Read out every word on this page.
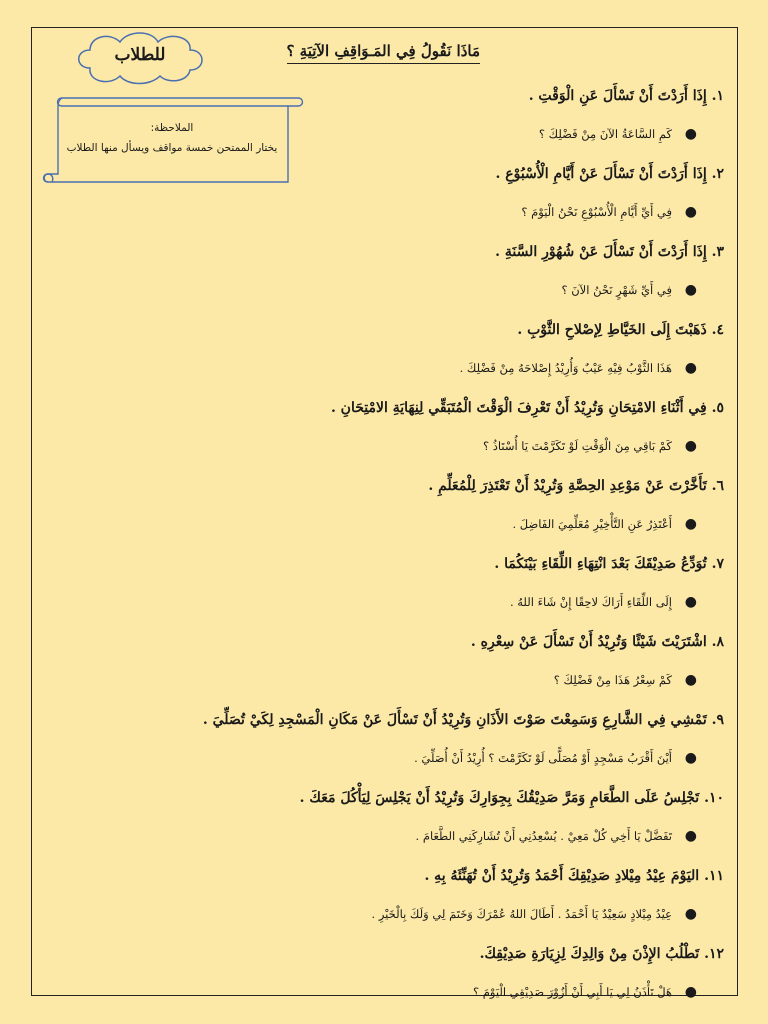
للطلاب
الملاحظة:
يختار الممتحن خمسة مواقف ويسأل منها الطلاب
مَاذَا نَقُولُ فِي المَـوَاقِفِ الآتِيَةِ ؟
١. إِذَا أَرَدْتَ أَنْ تَسْأَلَ عَنِ الْوَقْتِ .
●
كَمِ السَّاعَةُ الآنَ مِنْ فَضْلِكَ ؟
٢. إِذَا أَرَدْتَ أَنْ تَسْأَلَ عَنْ أَيَّامِ الْأُسْبُوْعِ .
●
فِي أَيِّ أَيَّامِ الْأُسْبُوْعِ نَحْنُ الْيَوْمَ ؟
٣. إِذَا أَرَدْتَ أَنْ تَسْأَلَ عَنْ شُهُوْرِ السَّنَةِ .
●
فِي أَيِّ شَهْرٍ نَحْنُ الآنَ ؟
٤. ذَهَبْتَ إِلَى الخَيَّاطِ لِإصْلاحِ الثَّوْبِ .
●
هَذَا الثَّوْبُ فِيْهِ عَيْبٌ وَأُرِيْدُ إِصْلاحَهُ مِنْ فَضْلِكَ .
٥. فِي أَثْنَاءِ الامْتِحَانِ وَتُرِيْدُ أَنْ تَعْرِفَ الْوَقْتَ الْمُتَبَقِّي لِنِهَايَةِ الامْتِحَانِ .
●
كَمْ بَاقِي مِنَ الْوَقْتِ لَوْ تَكَرَّمْتَ يَا أُسْتَاذُ ؟
٦. تَأَخَّرْتَ عَنْ مَوْعِدِ الحِصَّةِ وَتُرِيْدُ أَنْ تَعْتَذِرَ لِلْمُعَلِّمِ .
●
أَعْتَذِرُ عَنِ التَّأْخِيْرِ مُعَلِّمِيَ الفَاضِلَ .
٧. تُوَدِّعُ صَدِيْقَكَ بَعْدَ انْتِهَاءِ اللِّقَاءِ بَيْنَكُمَا .
●
إِلَى اللِّقَاءِ أَرَاكَ لاحِقًا إِنْ شَاءَ اللهُ .
٨. اشْتَرَيْتَ شَيْئًا وَتُرِيْدُ أَنْ تَسْأَلَ عَنْ سِعْرِهِ .
●
كَمْ سِعْرُ هَذَا مِنْ فَضْلِكَ ؟
٩. تَمْشِي فِي الشَّارِعِ وَسَمِعْتَ صَوْتَ الأَذَانِ وَتُرِيْدُ أَنْ تَسْأَلَ عَنْ مَكَانِ الْمَسْجِدِ لِكَيْ تُصَلِّيَ .
●
أَيْنَ أَقْرَبُ مَسْجِدٍ أَوْ مُصَلًّى لَوْ تَكَرَّمْتَ ؟ أُرِيْدُ أَنْ أُصَلِّيَ .
١٠. تَجْلِسُ عَلَى الطَّعَامِ وَمَرَّ صَدِيْقُكَ بِجِوَارِكَ وَتُرِيْدُ أَنْ يَجْلِسَ لِيَأْكُلَ مَعَكَ .
●
تَفَضَّلْ يَا أَخِي كُلْ مَعِيْ . يُسْعِدُنِي أَنْ تُشَارِكَنِي الطَّعَامَ .
١١. اليَوْمَ عِيْدُ مِيْلادِ صَدِيْقِكَ أَحْمَدُ وَتُرِيْدُ أَنْ تُهَنِّئَهُ بِهِ .
●
عِيْدُ مِيْلادٍ سَعِيْدٌ يَا أَحْمَدُ . أَطَالَ اللهُ عُمْرَكَ وَخَتَمَ لِي وَلَكَ بِالْخَيْرِ .
١٢. تَطْلُبُ الإِذْنَ مِنْ وَالِدِكَ لِزِيَارَةِ صَدِيْقِكَ.
●
هَلْ تَأْذَنُ لِي يَا أَبِي أَنْ أَزُوْرَ صَدِيْقِي الْيَوْمَ ؟
